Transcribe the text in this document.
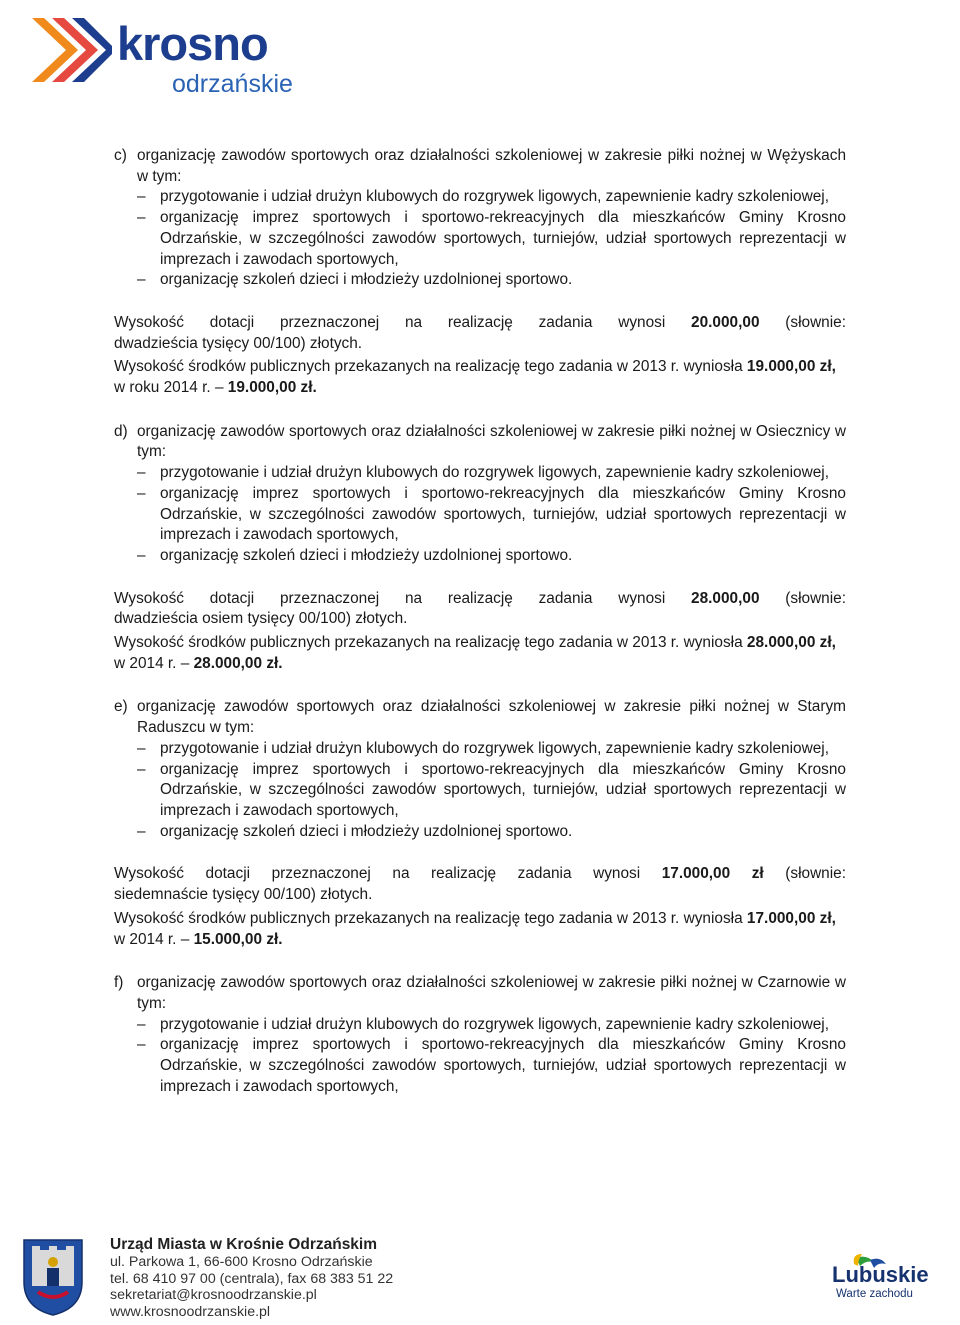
krosno
odrzańskie
c) organizację zawodów sportowych oraz działalności szkoleniowej w zakresie piłki nożnej w Wężyskach w tym:
– przygotowanie i udział drużyn klubowych do rozgrywek ligowych, zapewnienie kadry szkoleniowej,
– organizację imprez sportowych i sportowo-rekreacyjnych dla mieszkańców Gminy Krosno Odrzańskie, w szczególności zawodów sportowych, turniejów, udział sportowych reprezentacji w imprezach i zawodach sportowych,
– organizację szkoleń dzieci i młodzieży uzdolnionej sportowo.
Wysokość dotacji przeznaczonej na realizację zadania wynosi 20.000,00 (słownie:
dwadzieścia tysięcy 00/100) złotych.
Wysokość środków publicznych przekazanych na realizację tego zadania w 2013 r. wyniosła 19.000,00 zł, w roku 2014 r. – 19.000,00 zł.
d) organizację zawodów sportowych oraz działalności szkoleniowej w zakresie piłki nożnej w Osiecznicy w tym:
– przygotowanie i udział drużyn klubowych do rozgrywek ligowych, zapewnienie kadry szkoleniowej,
– organizację imprez sportowych i sportowo-rekreacyjnych dla mieszkańców Gminy Krosno Odrzańskie, w szczególności zawodów sportowych, turniejów, udział sportowych reprezentacji w imprezach i zawodach sportowych,
– organizację szkoleń dzieci i młodzieży uzdolnionej sportowo.
Wysokość dotacji przeznaczonej na realizację zadania wynosi 28.000,00 (słownie:
dwadzieścia osiem tysięcy 00/100) złotych.
Wysokość środków publicznych przekazanych na realizację tego zadania w 2013 r. wyniosła 28.000,00 zł, w 2014 r. – 28.000,00 zł.
e) organizację zawodów sportowych oraz działalności szkoleniowej w zakresie piłki nożnej w Starym Raduszcu w tym:
– przygotowanie i udział drużyn klubowych do rozgrywek ligowych, zapewnienie kadry szkoleniowej,
– organizację imprez sportowych i sportowo-rekreacyjnych dla mieszkańców Gminy Krosno Odrzańskie, w szczególności zawodów sportowych, turniejów, udział sportowych reprezentacji w imprezach i zawodach sportowych,
– organizację szkoleń dzieci i młodzieży uzdolnionej sportowo.
Wysokość dotacji przeznaczonej na realizację zadania wynosi 17.000,00 zł (słownie:
siedemnaście tysięcy 00/100) złotych.
Wysokość środków publicznych przekazanych na realizację tego zadania w 2013 r. wyniosła 17.000,00 zł, w 2014 r. – 15.000,00 zł.
f) organizację zawodów sportowych oraz działalności szkoleniowej w zakresie piłki nożnej w Czarnowie w tym:
– przygotowanie i udział drużyn klubowych do rozgrywek ligowych, zapewnienie kadry szkoleniowej,
– organizację imprez sportowych i sportowo-rekreacyjnych dla mieszkańców Gminy Krosno Odrzańskie, w szczególności zawodów sportowych, turniejów, udział sportowych reprezentacji w imprezach i zawodach sportowych,
Urząd Miasta w Krośnie Odrzańskim
ul. Parkowa 1, 66-600 Krosno Odrzańskie
tel. 68 410 97 00 (centrala), fax 68 383 51 22
sekretariat@krosnoodrzanskie.pl
www.krosnoodrzanskie.pl
Lubuskie
Warte zachodu
